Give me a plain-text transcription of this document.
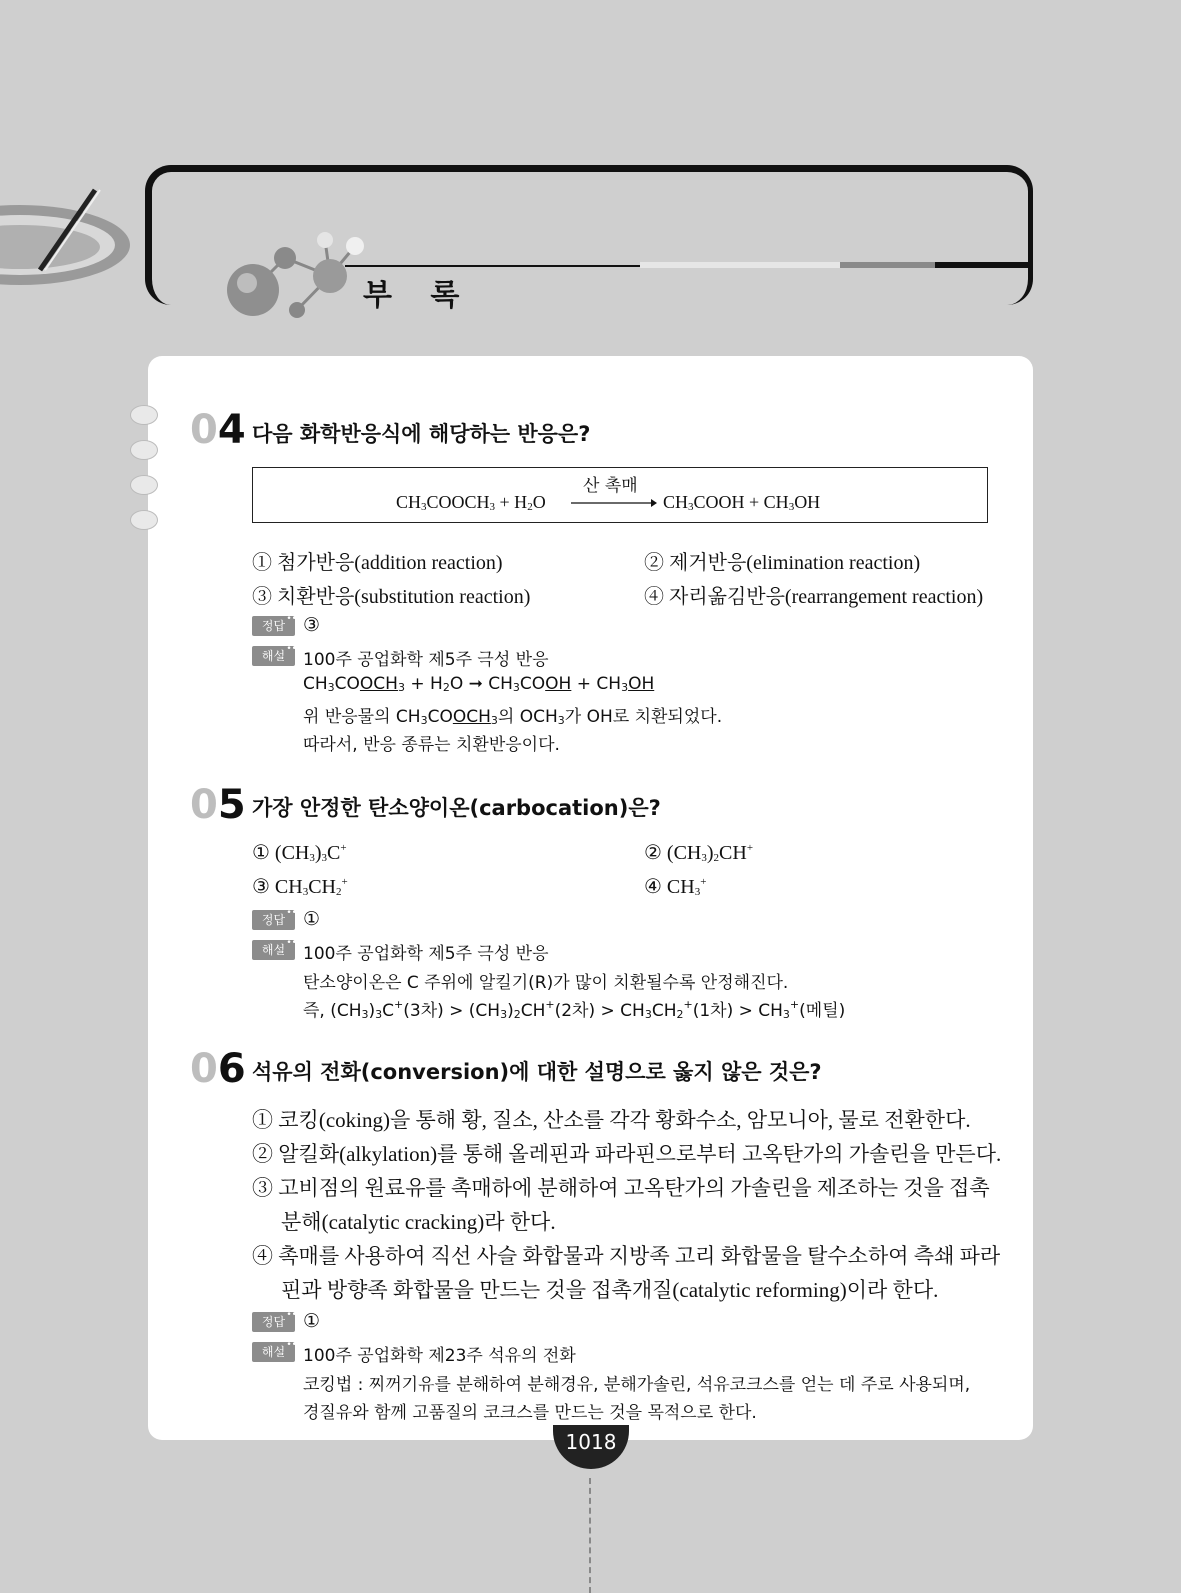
부 록
04 다음 화학반응식에 해당하는 반응은?
$CH_3COOCH_3 + H_2O$
산 촉매
$CH_3COOH + CH_3OH$
① 첨가반응(addition reaction)	② 제거반응(elimination reaction)
③ 치환반응(substitution reaction)	④ 자리옮김반응(rearrangement reaction)
정답 •• ③
해설 ••	100주 공업화학 제5주 극성 반응
$CH_3COOCH_3 + H_2O$ ➞ $CH_3COOH + CH_3OH$
위 반응물의 $CH_3COOCH_3$의 $OCH_3$가 OH로 치환되었다.
따라서, 반응 종류는 치환반응이다.
05 가장 안정한 탄소양이온(carbocation)은?
① $(CH_3)_3C^+$	② $(CH_3)_2CH^+$
③ $CH_3CH_2^+$	④ $CH_3^+$
정답 •• ①
해설 ••	100주 공업화학 제5주 극성 반응
탄소양이온은 C 주위에 알킬기(R)가 많이 치환될수록 안정해진다.
즉, $(CH_3)_3C^+(3$차) > $(CH_3)_2CH^+(2$차) > $CH_3CH_2^+(1$차) > $CH_3^+$(메틸)
06 석유의 전화(conversion)에 대한 설명으로 옳지 않은 것은?
① 코킹(coking)을 통해 황, 질소, 산소를 각각 황화수소, 암모니아, 물로 전환한다.
② 알킬화(alkylation)를 통해 올레핀과 파라핀으로부터 고옥탄가의 가솔린을 만든다.
③ 고비점의 원료유를 촉매하에 분해하여 고옥탄가의 가솔린을 제조하는 것을 접촉
분해(catalytic cracking)라 한다.
④ 촉매를 사용하여 직선 사슬 화합물과 지방족 고리 화합물을 탈수소하여 측쇄 파라
핀과 방향족 화합물을 만드는 것을 접촉개질(catalytic reforming)이라 한다.
정답 •• ①
해설 ••	100주 공업화학 제23주 석유의 전화
코킹법 : 찌꺼기유를 분해하여 분해경유, 분해가솔린, 석유코크스를 얻는 데 주로 사용되며,
경질유와 함께 고품질의 코크스를 만드는 것을 목적으로 한다.
1018
